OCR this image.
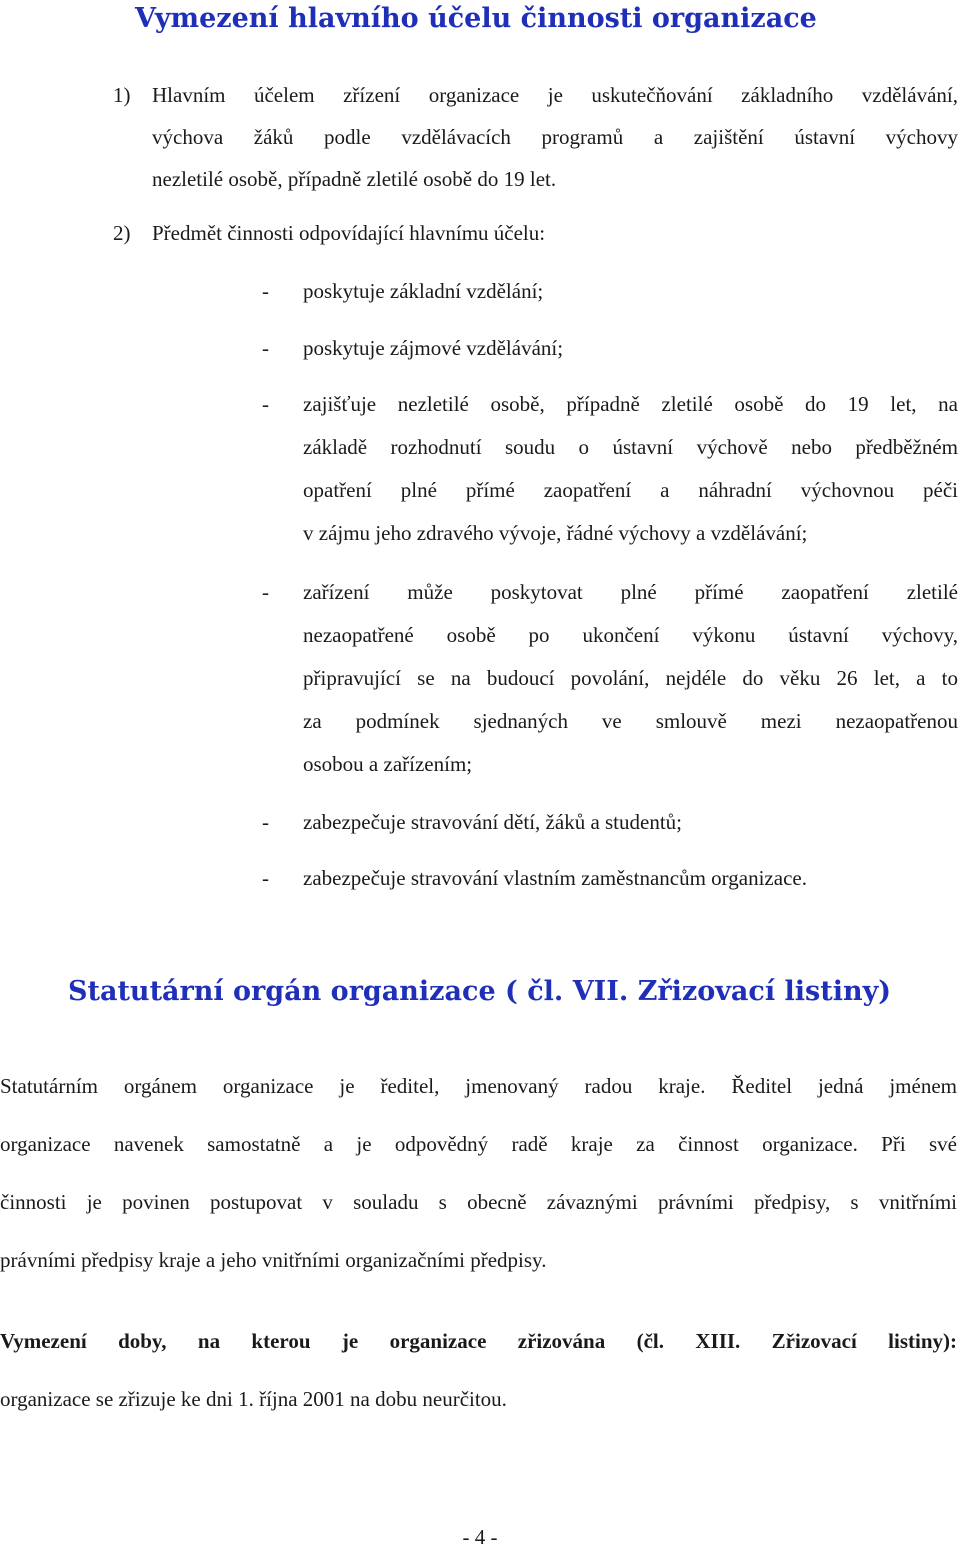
Vymezení hlavního účelu činnosti organizace
1)	Hlavním účelem zřízení organizace je uskutečňování základního vzdělávání,
výchova žáků podle vzdělávacích programů a zajištění ústavní výchovy
nezletilé osobě, případně zletilé osobě do 19 let.
2)	Předmět činnosti odpovídající hlavnímu účelu:
- poskytuje základní vzdělání;
- poskytuje zájmové vzdělávání;
- zajišťuje nezletilé osobě, případně zletilé osobě do 19 let, na
základě rozhodnutí soudu o ústavní výchově nebo předběžném
opatření plné přímé zaopatření a náhradní výchovnou péči
v zájmu jeho zdravého vývoje, řádné výchovy a vzdělávání;
- zařízení může poskytovat plné přímé zaopatření zletilé
nezaopatřené osobě po ukončení výkonu ústavní výchovy,
připravující se na budoucí povolání, nejdéle do věku 26 let, a to
za podmínek sjednaných ve smlouvě mezi nezaopatřenou
osobou a zařízením;
- zabezpečuje stravování dětí, žáků a studentů;
- zabezpečuje stravování vlastním zaměstnancům organizace.
Statutární orgán organizace ( čl. VII. Zřizovací listiny)
Statutárním orgánem organizace je ředitel, jmenovaný radou kraje. Ředitel jedná jménem
organizace navenek samostatně a je odpovědný radě kraje za činnost organizace. Při své
činnosti je povinen postupovat v souladu s obecně závaznými právními předpisy, s vnitřními
právními předpisy kraje a jeho vnitřními organizačními předpisy.
Vymezení doby, na kterou je organizace zřizována (čl. XIII. Zřizovací listiny):
organizace se zřizuje ke dni 1. října 2001 na dobu neurčitou.
- 4 -
